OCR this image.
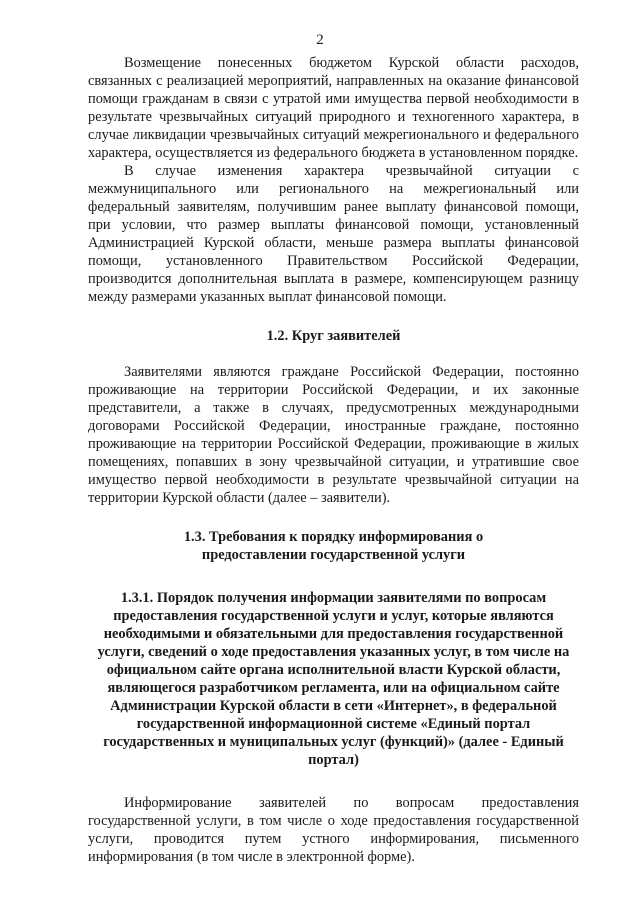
2

Возмещение понесенных бюджетом Курской области расходов, связанных с реализацией мероприятий, направленных на оказание финансовой помощи гражданам в связи с утратой ими имущества первой необходимости в результате чрезвычайных ситуаций природного и техногенного характера, в случае ликвидации чрезвычайных ситуаций межрегионального и федерального характера, осуществляется из федерального бюджета в установленном порядке.

В случае изменения характера чрезвычайной ситуации с межмуниципального или регионального на межрегиональный или федеральный заявителям, получившим ранее выплату финансовой помощи, при условии, что размер выплаты финансовой помощи, установленный Администрацией Курской области, меньше размера выплаты финансовой помощи, установленного Правительством Российской Федерации, производится дополнительная выплата в размере, компенсирующем разницу между размерами указанных выплат финансовой помощи.

1.2. Круг заявителей

Заявителями являются граждане Российской Федерации, постоянно проживающие на территории Российской Федерации, и их законные представители, а также в случаях, предусмотренных международными договорами Российской Федерации, иностранные граждане, постоянно проживающие на территории Российской Федерации, проживающие в жилых помещениях, попавших в зону чрезвычайной ситуации, и утратившие свое имущество первой необходимости в результате чрезвычайной ситуации на территории Курской области (далее – заявители).

1.3. Требования к порядку информирования о
предоставлении государственной услуги
1.3.1. Порядок получения информации заявителями по вопросам предоставления государственной услуги и услуг, которые являются необходимыми и обязательными для предоставления государственной услуги, сведений о ходе предоставления указанных услуг, в том числе на официальном сайте органа исполнительной власти Курской области, являющегося разработчиком регламента, или на официальном сайте Администрации Курской области в сети «Интернет», в федеральной государственной информационной системе «Единый портал государственных и муниципальных услуг (функций)» (далее - Единый портал)

Информирование заявителей по вопросам предоставления государственной услуги, в том числе о ходе предоставления государственной услуги, проводится путем устного информирования, письменного информирования (в том числе в электронной форме).
